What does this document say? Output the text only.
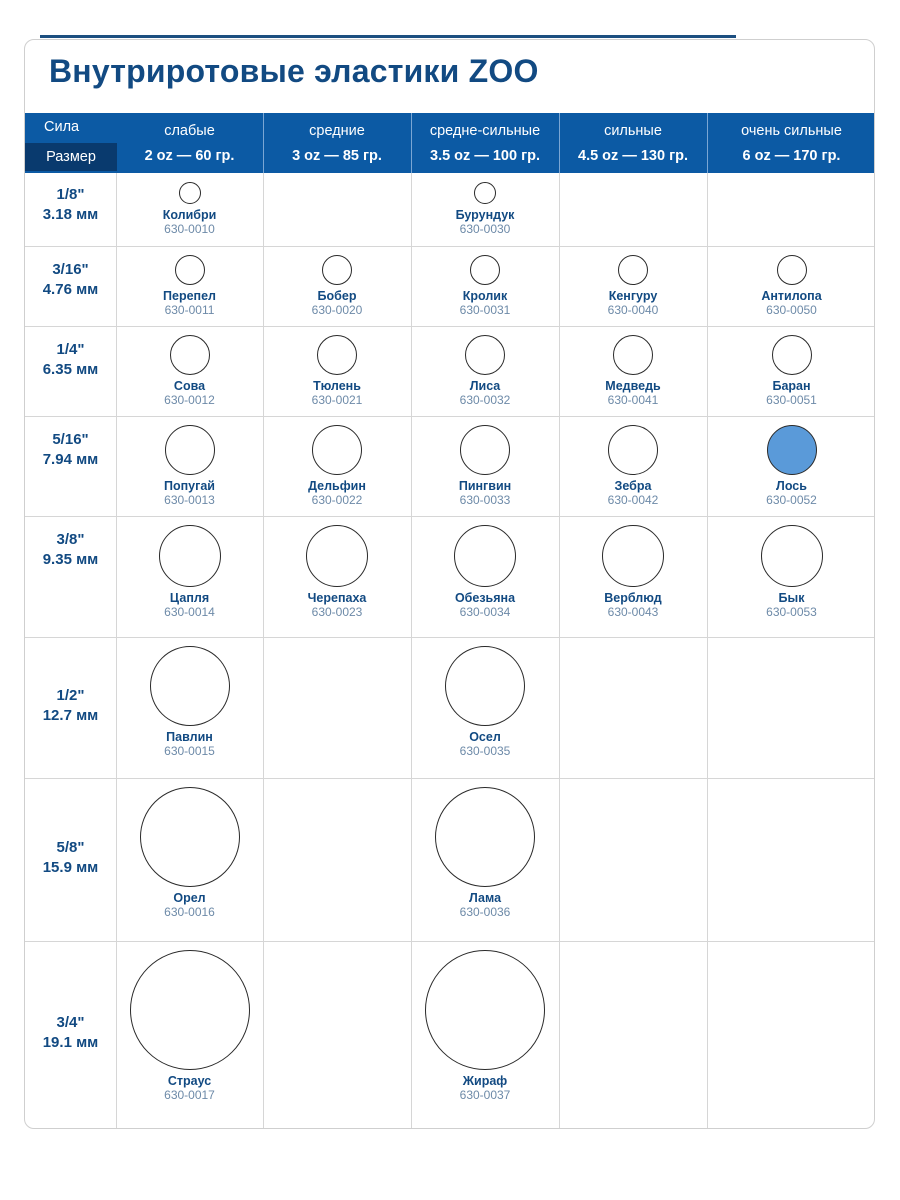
Внутриротовые эластики ZOO
Сила
Размер
слабые
2 oz — 60 гр.
средние
3 oz — 85 гр.
средне-сильные
3.5 oz — 100 гр.
сильные
4.5 oz — 130 гр.
очень сильные
6 oz — 170 гр.
1/8"
3.18 мм	Колибри
630-0010
Бурундук
630-0030
3/16"
4.76 мм	Перепел
630-0011
Бобер
630-0020
Кролик
630-0031
Кенгуру
630-0040
Антилопа
630-0050
1/4"
6.35 мм
Сова
630-0012
Тюлень
630-0021
Лиса
630-0032
Медведь
630-0041
Баран
630-0051
5/16"
7.94 мм
Попугай
630-0013
Дельфин
630-0022
Пингвин
630-0033
Зебра
630-0042
Лось
630-0052
3/8"
9.35 мм
Цапля
630-0014
Черепаха
630-0023
Обезьяна
630-0034
Верблюд
630-0043
Бык
630-0053
1/2"
12.7 мм
Павлин
630-0015
Осел
630-0035
5/8"
15.9 мм
Орел
630-0016
Лама
630-0036
3/4"
19.1 мм
Страус
630-0017
Жираф
630-0037
